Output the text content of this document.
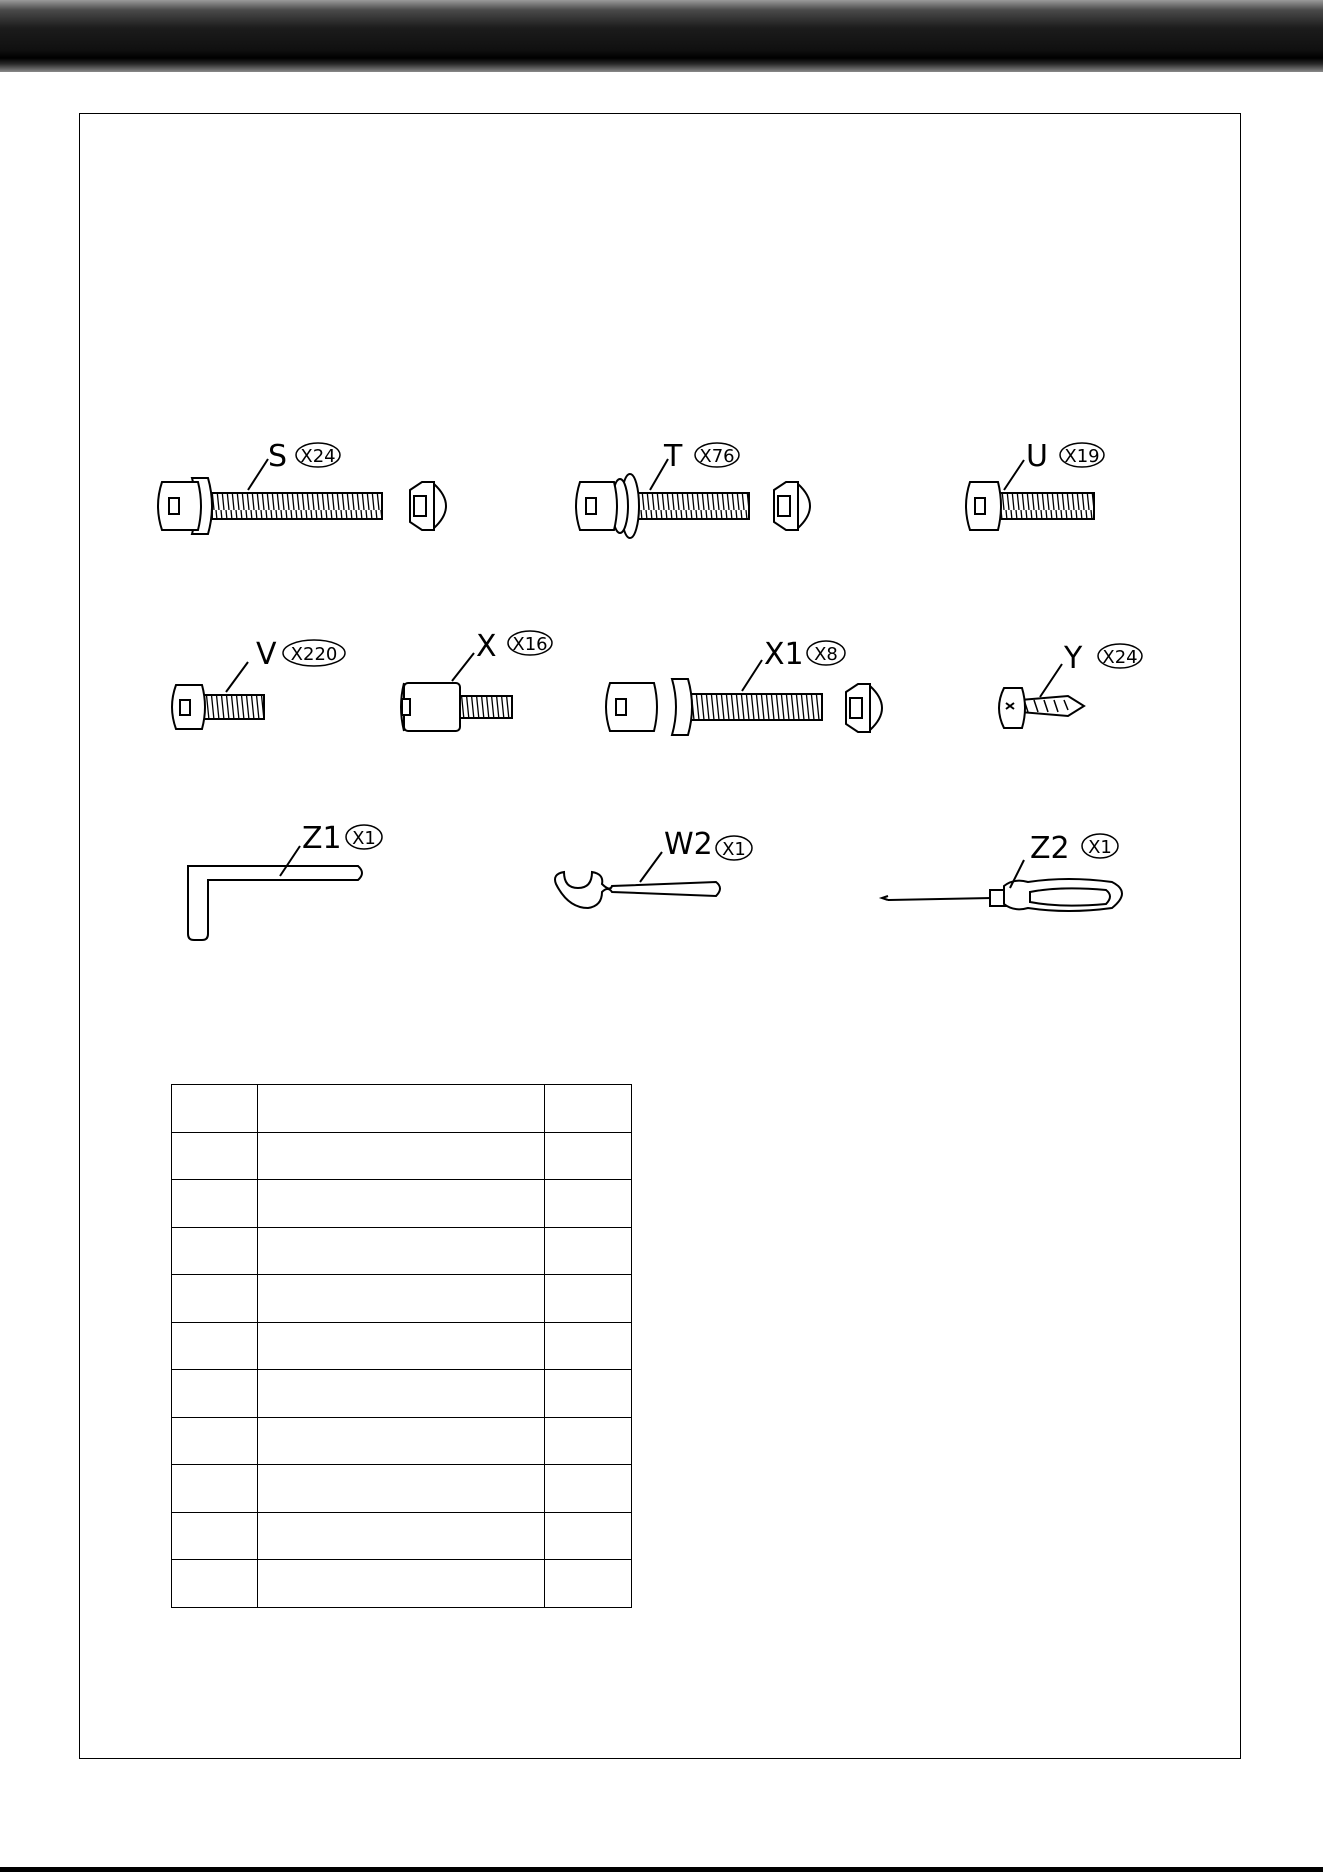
S X24	T X76	U X19
V X220	X X16	X1 X8	Y X24
Z1 X1	W2 X1	Z2 X1
